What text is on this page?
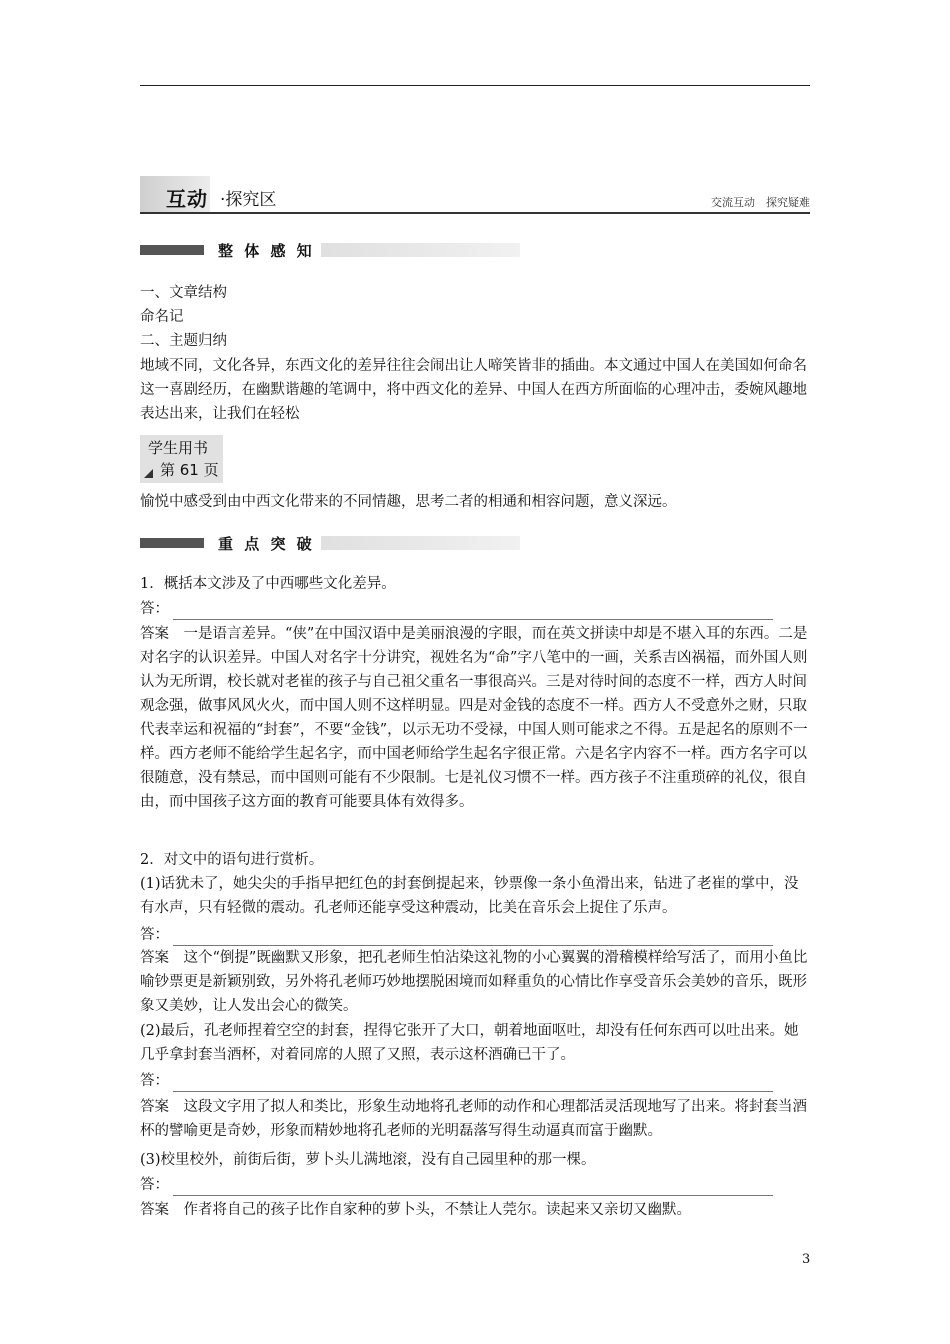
互动 ·探究区	交流互动　探究疑难
整 体 感 知

一、文章结构

命名记

二、主题归纳

地域不同，文化各异，东西文化的差异往往会闹出让人啼笑皆非的插曲。本文通过中国人在美国如何命名这一喜剧经历，在幽默谐趣的笔调中，将中西文化的差异、中国人在西方所面临的心理冲击，委婉风趣地表达出来，让我们在轻松

学生用书
第 61 页

愉悦中感受到由中西文化带来的不同情趣，思考二者的相通和相容问题，意义深远。

重 点 突 破

1．概括本文涉及了中西哪些文化差异。

答：

答案　一是语言差异。“侠”在中国汉语中是美丽浪漫的字眼，而在英文拼读中却是不堪入耳的东西。二是对名字的认识差异。中国人对名字十分讲究，视姓名为“命”字八笔中的一画，关系吉凶祸福，而外国人则认为无所谓，校长就对老崔的孩子与自己祖父重名一事很高兴。三是对待时间的态度不一样，西方人时间观念强，做事风风火火，而中国人则不这样明显。四是对金钱的态度不一样。西方人不受意外之财，只取代表幸运和祝福的“封套”，不要“金钱”，以示无功不受禄，中国人则可能求之不得。五是起名的原则不一样。西方老师不能给学生起名字，而中国老师给学生起名字很正常。六是名字内容不一样。西方名字可以很随意，没有禁忌，而中国则可能有不少限制。七是礼仪习惯不一样。西方孩子不注重琐碎的礼仪，很自由，而中国孩子这方面的教育可能要具体有效得多。

2．对文中的语句进行赏析。

(1)话犹未了，她尖尖的手指早把红色的封套倒提起来，钞票像一条小鱼滑出来，钻进了老崔的掌中，没有水声，只有轻微的震动。孔老师还能享受这种震动，比美在音乐会上捉住了乐声。

答：

答案　这个“倒提”既幽默又形象，把孔老师生怕沾染这礼物的小心翼翼的滑稽模样给写活了，而用小鱼比喻钞票更是新颖别致，另外将孔老师巧妙地摆脱困境而如释重负的心情比作享受音乐会美妙的音乐，既形象又美妙，让人发出会心的微笑。

(2)最后，孔老师捏着空空的封套，捏得它张开了大口，朝着地面呕吐，却没有任何东西可以吐出来。她几乎拿封套当酒杯，对着同席的人照了又照，表示这杯酒确已干了。

答：

答案　这段文字用了拟人和类比，形象生动地将孔老师的动作和心理都活灵活现地写了出来。将封套当酒杯的譬喻更是奇妙，形象而精妙地将孔老师的光明磊落写得生动逼真而富于幽默。

(3)校里校外，前街后街，萝卜头儿满地滚，没有自己园里种的那一棵。

答：

答案　作者将自己的孩子比作自家种的萝卜头，不禁让人莞尔。读起来又亲切又幽默。

3
